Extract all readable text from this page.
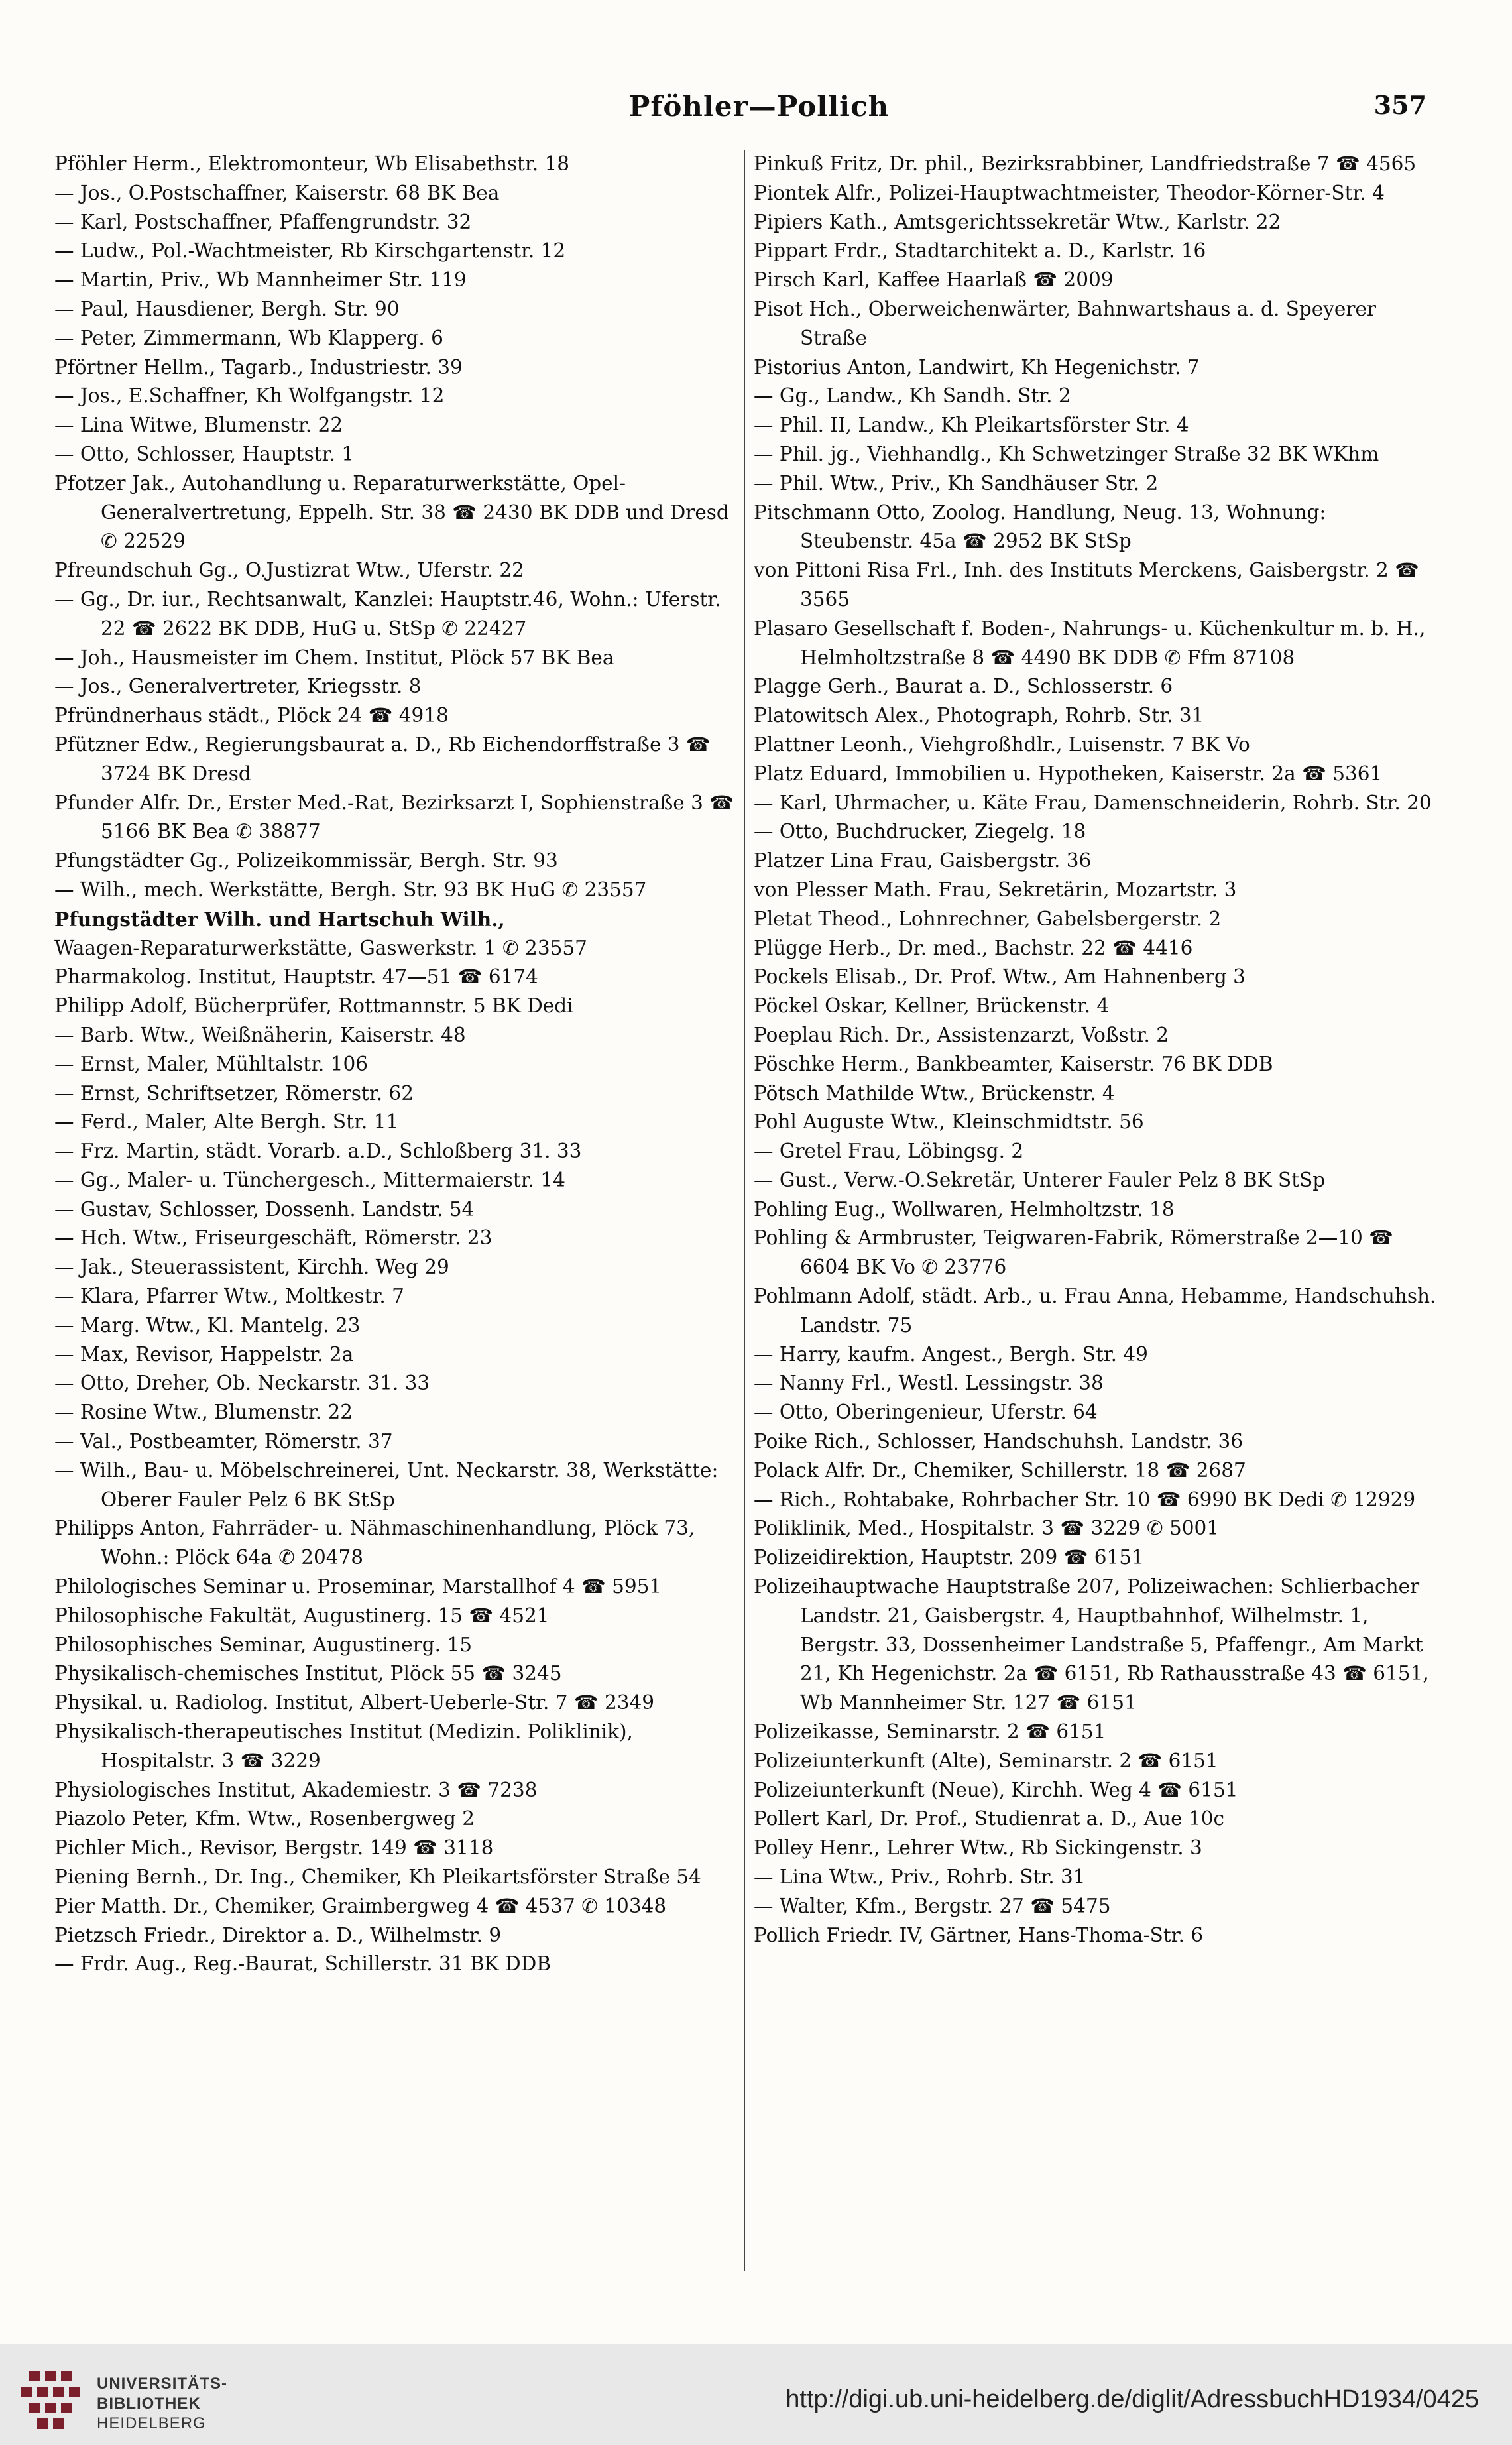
Pföhler—Pollich	357

Pföhler Herm., Elektromonteur, Wb Elisabethstr. 18

— Jos., O.Postschaffner, Kaiserstr. 68 BK Bea

— Karl, Postschaffner, Pfaffengrundstr. 32

— Ludw., Pol.-Wachtmeister, Rb Kirschgartenstr. 12

— Martin, Priv., Wb Mannheimer Str. 119

— Paul, Hausdiener, Bergh. Str. 90

— Peter, Zimmermann, Wb Klapperg. 6

Pförtner Hellm., Tagarb., Industriestr. 39

— Jos., E.Schaffner, Kh Wolfgangstr. 12

— Lina Witwe, Blumenstr. 22

— Otto, Schlosser, Hauptstr. 1

Pfotzer Jak., Autohandlung u. Reparaturwerkstätte, Opel-Generalvertretung, Eppelh. Str. 38 ☎ 2430 BK DDB und Dresd ✆ 22529

Pfreundschuh Gg., O.Justizrat Wtw., Uferstr. 22

— Gg., Dr. iur., Rechtsanwalt, Kanzlei: Hauptstr.46, Wohn.: Uferstr. 22 ☎ 2622 BK DDB, HuG u. StSp ✆ 22427

— Joh., Hausmeister im Chem. Institut, Plöck 57 BK Bea

— Jos., Generalvertreter, Kriegsstr. 8

Pfründnerhaus städt., Plöck 24 ☎ 4918

Pfützner Edw., Regierungsbaurat a. D., Rb Eichendorffstraße 3 ☎ 3724 BK Dresd

Pfunder Alfr. Dr., Erster Med.-Rat, Bezirksarzt I, Sophienstraße 3 ☎ 5166 BK Bea ✆ 38877

Pfungstädter Gg., Polizeikommissär, Bergh. Str. 93

— Wilh., mech. Werkstätte, Bergh. Str. 93 BK HuG ✆ 23557

Pfungstädter Wilh. und Hartschuh Wilh.,

Waagen-Reparaturwerkstätte, Gaswerkstr. 1 ✆ 23557

Pharmakolog. Institut, Hauptstr. 47—51 ☎ 6174

Philipp Adolf, Bücherprüfer, Rottmannstr. 5 BK Dedi

— Barb. Wtw., Weißnäherin, Kaiserstr. 48

— Ernst, Maler, Mühltalstr. 106

— Ernst, Schriftsetzer, Römerstr. 62

— Ferd., Maler, Alte Bergh. Str. 11

— Frz. Martin, städt. Vorarb. a.D., Schloßberg 31. 33

— Gg., Maler- u. Tünchergesch., Mittermaierstr. 14

— Gustav, Schlosser, Dossenh. Landstr. 54

— Hch. Wtw., Friseurgeschäft, Römerstr. 23

— Jak., Steuerassistent, Kirchh. Weg 29

— Klara, Pfarrer Wtw., Moltkestr. 7

— Marg. Wtw., Kl. Mantelg. 23

— Max, Revisor, Happelstr. 2a

— Otto, Dreher, Ob. Neckarstr. 31. 33

— Rosine Wtw., Blumenstr. 22

— Val., Postbeamter, Römerstr. 37

— Wilh., Bau- u. Möbelschreinerei, Unt. Neckarstr. 38, Werkstätte: Oberer Fauler Pelz 6 BK StSp

Philipps Anton, Fahrräder- u. Nähmaschinenhandlung, Plöck 73, Wohn.: Plöck 64a ✆ 20478

Philologisches Seminar u. Proseminar, Marstallhof 4 ☎ 5951

Philosophische Fakultät, Augustinerg. 15 ☎ 4521

Philosophisches Seminar, Augustinerg. 15

Physikalisch-chemisches Institut, Plöck 55 ☎ 3245

Physikal. u. Radiolog. Institut, Albert-Ueberle-Str. 7 ☎ 2349

Physikalisch-therapeutisches Institut (Medizin. Poliklinik), Hospitalstr. 3 ☎ 3229

Physiologisches Institut, Akademiestr. 3 ☎ 7238

Piazolo Peter, Kfm. Wtw., Rosenbergweg 2

Pichler Mich., Revisor, Bergstr. 149 ☎ 3118

Piening Bernh., Dr. Ing., Chemiker, Kh Pleikartsförster Straße 54

Pier Matth. Dr., Chemiker, Graimbergweg 4 ☎ 4537 ✆ 10348

Pietzsch Friedr., Direktor a. D., Wilhelmstr. 9

— Frdr. Aug., Reg.-Baurat, Schillerstr. 31 BK DDB

Pinkuß Fritz, Dr. phil., Bezirksrabbiner, Landfriedstraße 7 ☎ 4565

Piontek Alfr., Polizei-Hauptwachtmeister, Theodor-Körner-Str. 4

Pipiers Kath., Amtsgerichtssekretär Wtw., Karlstr. 22

Pippart Frdr., Stadtarchitekt a. D., Karlstr. 16

Pirsch Karl, Kaffee Haarlaß ☎ 2009

Pisot Hch., Oberweichenwärter, Bahnwartshaus a. d. Speyerer Straße

Pistorius Anton, Landwirt, Kh Hegenichstr. 7

— Gg., Landw., Kh Sandh. Str. 2

— Phil. II, Landw., Kh Pleikartsförster Str. 4

— Phil. jg., Viehhandlg., Kh Schwetzinger Straße 32 BK WKhm

— Phil. Wtw., Priv., Kh Sandhäuser Str. 2

Pitschmann Otto, Zoolog. Handlung, Neug. 13, Wohnung: Steubenstr. 45a ☎ 2952 BK StSp

von Pittoni Risa Frl., Inh. des Instituts Merckens, Gaisbergstr. 2 ☎ 3565

Plasaro Gesellschaft f. Boden-, Nahrungs- u. Küchenkultur m. b. H., Helmholtzstraße 8 ☎ 4490 BK DDB ✆ Ffm 87108

Plagge Gerh., Baurat a. D., Schlosserstr. 6

Platowitsch Alex., Photograph, Rohrb. Str. 31

Plattner Leonh., Viehgroßhdlr., Luisenstr. 7 BK Vo

Platz Eduard, Immobilien u. Hypotheken, Kaiserstr. 2a ☎ 5361

— Karl, Uhrmacher, u. Käte Frau, Damenschneiderin, Rohrb. Str. 20

— Otto, Buchdrucker, Ziegelg. 18

Platzer Lina Frau, Gaisbergstr. 36

von Plesser Math. Frau, Sekretärin, Mozartstr. 3

Pletat Theod., Lohnrechner, Gabelsbergerstr. 2

Plügge Herb., Dr. med., Bachstr. 22 ☎ 4416

Pockels Elisab., Dr. Prof. Wtw., Am Hahnenberg 3

Pöckel Oskar, Kellner, Brückenstr. 4

Poeplau Rich. Dr., Assistenzarzt, Voßstr. 2

Pöschke Herm., Bankbeamter, Kaiserstr. 76 BK DDB

Pötsch Mathilde Wtw., Brückenstr. 4

Pohl Auguste Wtw., Kleinschmidtstr. 56

— Gretel Frau, Löbingsg. 2

— Gust., Verw.-O.Sekretär, Unterer Fauler Pelz 8 BK StSp

Pohling Eug., Wollwaren, Helmholtzstr. 18

Pohling & Armbruster, Teigwaren-Fabrik, Römerstraße 2—10 ☎ 6604 BK Vo ✆ 23776

Pohlmann Adolf, städt. Arb., u. Frau Anna, Hebamme, Handschuhsh. Landstr. 75

— Harry, kaufm. Angest., Bergh. Str. 49

— Nanny Frl., Westl. Lessingstr. 38

— Otto, Oberingenieur, Uferstr. 64

Poike Rich., Schlosser, Handschuhsh. Landstr. 36

Polack Alfr. Dr., Chemiker, Schillerstr. 18 ☎ 2687

— Rich., Rohtabake, Rohrbacher Str. 10 ☎ 6990 BK Dedi ✆ 12929

Poliklinik, Med., Hospitalstr. 3 ☎ 3229 ✆ 5001

Polizeidirektion, Hauptstr. 209 ☎ 6151

Polizeihauptwache Hauptstraße 207, Polizeiwachen: Schlierbacher Landstr. 21, Gaisbergstr. 4, Hauptbahnhof, Wilhelmstr. 1, Bergstr. 33, Dossenheimer Landstraße 5, Pfaffengr., Am Markt 21, Kh Hegenichstr. 2a ☎ 6151, Rb Rathausstraße 43 ☎ 6151, Wb Mannheimer Str. 127 ☎ 6151

Polizeikasse, Seminarstr. 2 ☎ 6151

Polizeiunterkunft (Alte), Seminarstr. 2 ☎ 6151

Polizeiunterkunft (Neue), Kirchh. Weg 4 ☎ 6151

Pollert Karl, Dr. Prof., Studienrat a. D., Aue 10c

Polley Henr., Lehrer Wtw., Rb Sickingenstr. 3

— Lina Wtw., Priv., Rohrb. Str. 31

— Walter, Kfm., Bergstr. 27 ☎ 5475

Pollich Friedr. IV, Gärtner, Hans-Thoma-Str. 6

UNIVERSITÄTS-
BIBLIOTHEK
HEIDELBERG
http://digi.ub.uni-heidelberg.de/diglit/AdressbuchHD1934/0425
